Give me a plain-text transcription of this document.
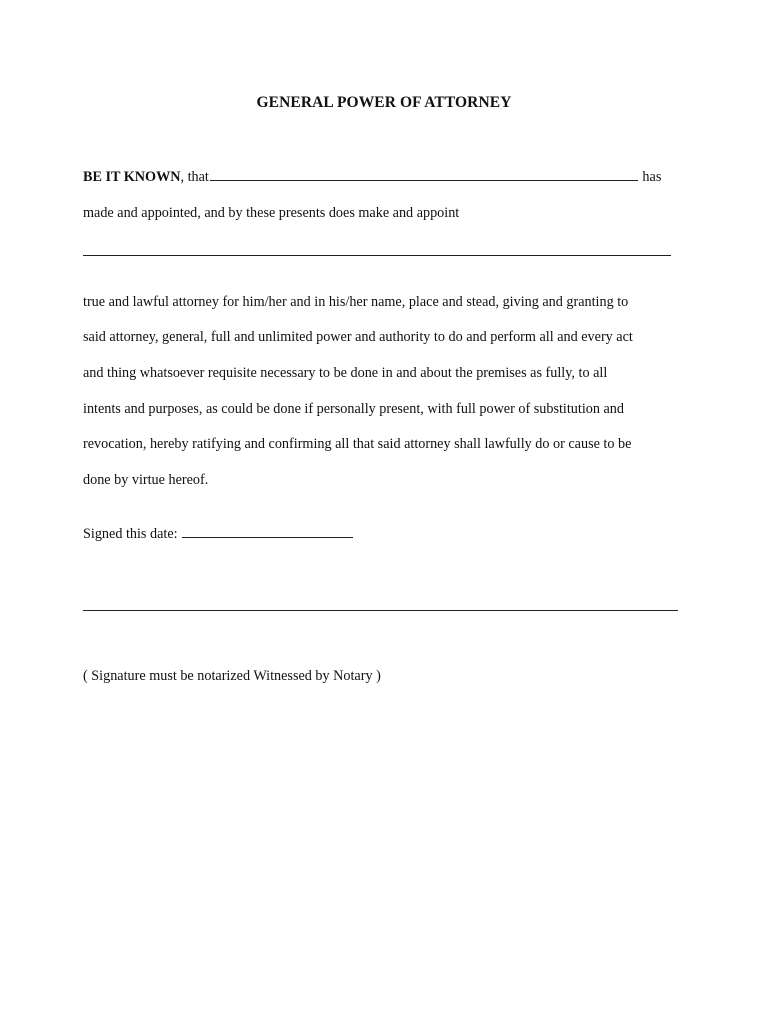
GENERAL POWER OF ATTORNEY
BE IT KNOWN, that	has
made and appointed, and by these presents does make and appoint
true and lawful attorney for him/her and in his/her name, place and stead, giving and granting to
said attorney, general, full and unlimited power and authority to do and perform all and every act
and thing whatsoever requisite necessary to be done in and about the premises as fully, to all
intents and purposes, as could be done if personally present, with full power of substitution and
revocation, hereby ratifying and confirming all that said attorney shall lawfully do or cause to be
done by virtue hereof.
Signed this date:
( Signature must be notarized Witnessed by Notary )
